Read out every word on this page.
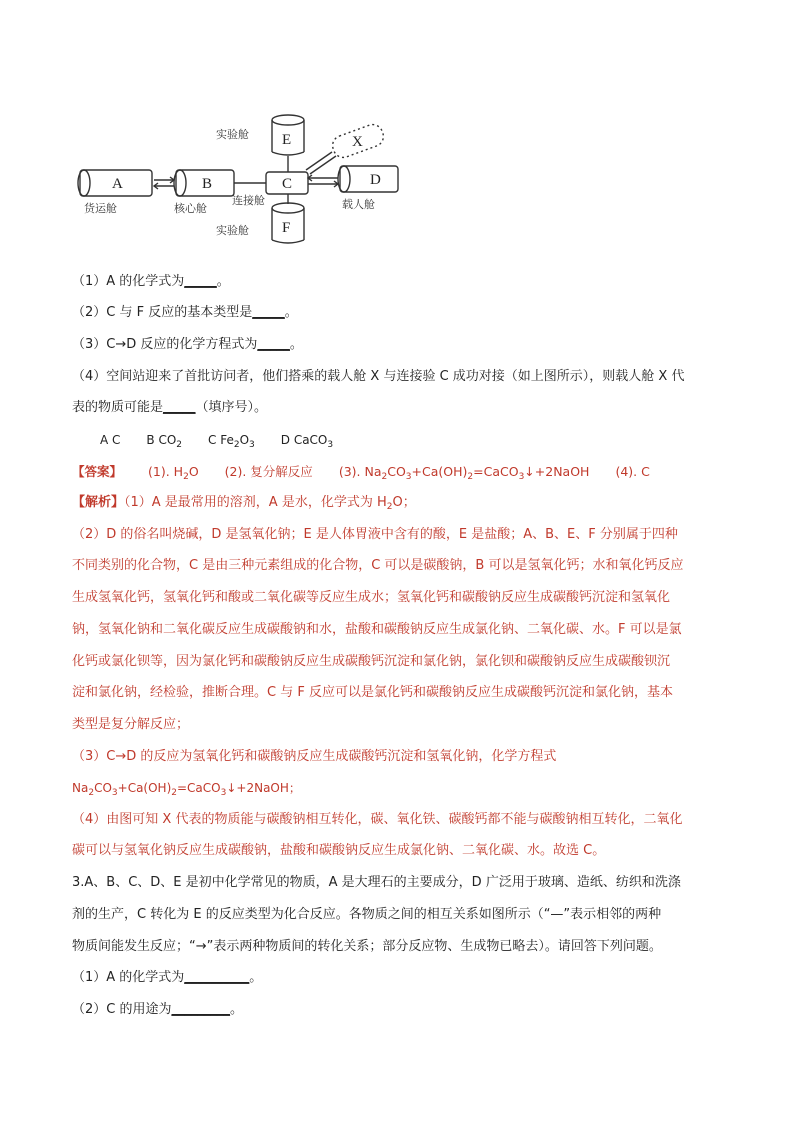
A	B	C
E
F
D
X
货运舱	核心舱
连接舱
实验舱
实验舱
载人舱
（1）A 的化学式为_____。
（2）C 与 F 反应的基本类型是_____。
（3）C→D 反应的化学方程式为_____。
（4）空间站迎来了首批访问者，他们搭乘的载人舱 X 与连接验 C 成功对接（如上图所示），则载人舱 X 代
表的物质可能是_____（填序号）。
A C B $CO_2$ C $Fe_2O_3$ D CaCO$_3$
【答案】 (1). $H_2O$ (2). 复分解反应 (3). $Na_2CO_3+Ca(OH)_2=CaCO_3↓+2NaOH$ (4). C
【解析】（1）A 是最常用的溶剂，A 是水，化学式为 $H_2O$；
（2）D 的俗名叫烧碱，D 是氢氧化钠；E 是人体胃液中含有的酸，E 是盐酸；A、B、E、F 分别属于四种
不同类别的化合物，C 是由三种元素组成的化合物，C 可以是碳酸钠，B 可以是氢氧化钙；水和氧化钙反应
生成氢氧化钙，氢氧化钙和酸或二氧化碳等反应生成水；氢氧化钙和碳酸钠反应生成碳酸钙沉淀和氢氧化
钠，氢氧化钠和二氧化碳反应生成碳酸钠和水，盐酸和碳酸钠反应生成氯化钠、二氧化碳、水。F 可以是氯
化钙或氯化钡等，因为氯化钙和碳酸钠反应生成碳酸钙沉淀和氯化钠，氯化钡和碳酸钠反应生成碳酸钡沉
淀和氯化钠，经检验，推断合理。C 与 F 反应可以是氯化钙和碳酸钠反应生成碳酸钙沉淀和氯化钠，基本
类型是复分解反应；
（3）C→D 的反应为氢氧化钙和碳酸钠反应生成碳酸钙沉淀和氢氧化钠，化学方程式
$Na_2CO_3+Ca(OH)_2=CaCO_3↓+2NaOH$；
（4）由图可知 X 代表的物质能与碳酸钠相互转化，碳、氧化铁、碳酸钙都不能与碳酸钠相互转化，二氧化
碳可以与氢氧化钠反应生成碳酸钠，盐酸和碳酸钠反应生成氯化钠、二氧化碳、水。故选 C。
3.A、B、C、D、E 是初中化学常见的物质，A 是大理石的主要成分，D 广泛用于玻璃、造纸、纺织和洗涤
剂的生产，C 转化为 E 的反应类型为化合反应。各物质之间的相互关系如图所示（“—”表示相邻的两种
物质间能发生反应；“→”表示两种物质间的转化关系；部分反应物、生成物已略去）。请回答下列问题。
（1）A 的化学式为__________。
（2）C 的用途为_________。
